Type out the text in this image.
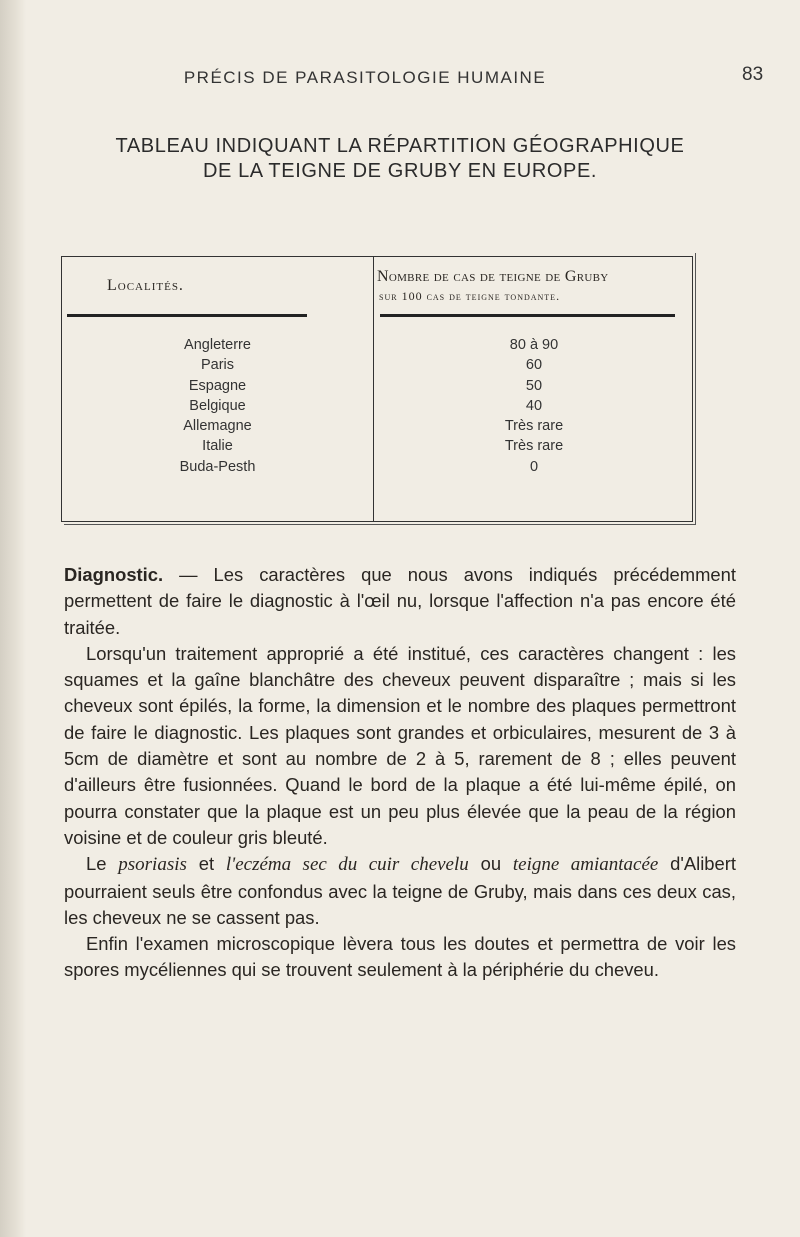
PRÉCIS DE PARASITOLOGIE HUMAINE	83
TABLEAU INDIQUANT LA RÉPARTITION GÉOGRAPHIQUE
DE LA TEIGNE DE GRUBY EN EUROPE.
Localités.	Nombre de cas de teigne de Gruby
sur 100 cas de teigne tondante.
Angleterre	80 à 90
Paris	60
Espagne	50
Belgique	40
Allemagne	Très rare
Italie	Très rare
Buda-Pesth	0

Diagnostic. — Les caractères que nous avons indiqués précédemment permettent de faire le diagnostic à l'œil nu, lorsque l'affection n'a pas encore été traitée.

Lorsqu'un traitement approprié a été institué, ces caractères changent : les squames et la gaîne blanchâtre des cheveux peuvent disparaître ; mais si les cheveux sont épilés, la forme, la dimension et le nombre des plaques permettront de faire le diagnostic. Les plaques sont grandes et orbiculaires, mesurent de 3 à 5cm de diamètre et sont au nombre de 2 à 5, rarement de 8 ; elles peuvent d'ailleurs être fusionnées. Quand le bord de la plaque a été lui-même épilé, on pourra constater que la plaque est un peu plus élevée que la peau de la région voisine et de couleur gris bleuté.

Le psoriasis et l'eczéma sec du cuir chevelu ou teigne amiantacée d'Alibert pourraient seuls être confondus avec la teigne de Gruby, mais dans ces deux cas, les cheveux ne se cassent pas.

Enfin l'examen microscopique lèvera tous les doutes et permettra de voir les spores mycéliennes qui se trouvent seulement à la périphérie du cheveu.
